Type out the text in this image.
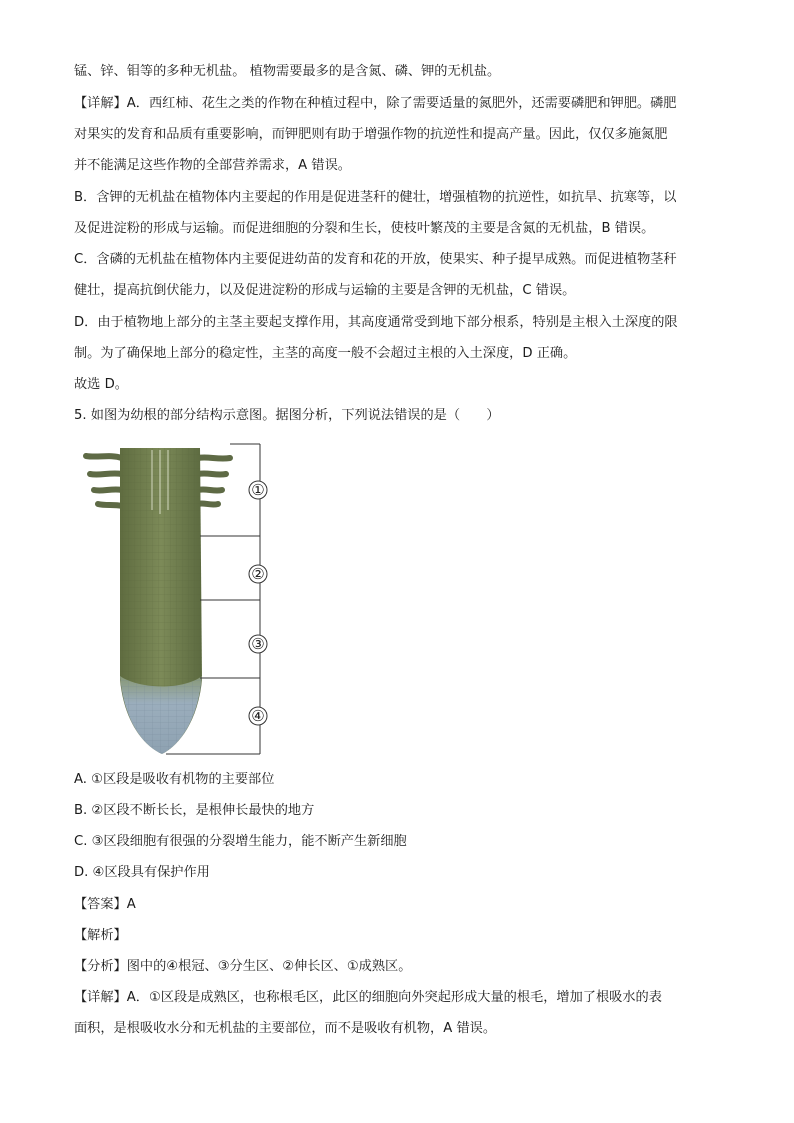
锰、锌、钼等的多种无机盐。 植物需要最多的是含氮、磷、钾的无机盐。
【详解】A．西红柿、花生之类的作物在种植过程中，除了需要适量的氮肥外，还需要磷肥和钾肥。磷肥
对果实的发育和品质有重要影响，而钾肥则有助于增强作物的抗逆性和提高产量。因此，仅仅多施氮肥
并不能满足这些作物的全部营养需求，A 错误。
B．含钾的无机盐在植物体内主要起的作用是促进茎秆的健壮，增强植物的抗逆性，如抗旱、抗寒等，以
及促进淀粉的形成与运输。而促进细胞的分裂和生长，使枝叶繁茂的主要是含氮的无机盐，B 错误。
C．含磷的无机盐在植物体内主要促进幼苗的发育和花的开放，使果实、种子提早成熟。而促进植物茎秆
健壮，提高抗倒伏能力，以及促进淀粉的形成与运输的主要是含钾的无机盐，C 错误。
D．由于植物地上部分的主茎主要起支撑作用，其高度通常受到地下部分根系，特别是主根入土深度的限
制。为了确保地上部分的稳定性，主茎的高度一般不会超过主根的入土深度，D 正确。
故选 D。
5. 如图为幼根的部分结构示意图。据图分析，下列说法错误的是（　　）
①
②
③
④
A. ①区段是吸收有机物的主要部位
B. ②区段不断长长，是根伸长最快的地方
C. ③区段细胞有很强的分裂增生能力，能不断产生新细胞
D. ④区段具有保护作用
【答案】A
【解析】
【分析】图中的④根冠、③分生区、②伸长区、①成熟区。
【详解】A．①区段是成熟区，也称根毛区，此区的细胞向外突起形成大量的根毛，增加了根吸水的表
面积，是根吸收水分和无机盐的主要部位，而不是吸收有机物，A 错误。
